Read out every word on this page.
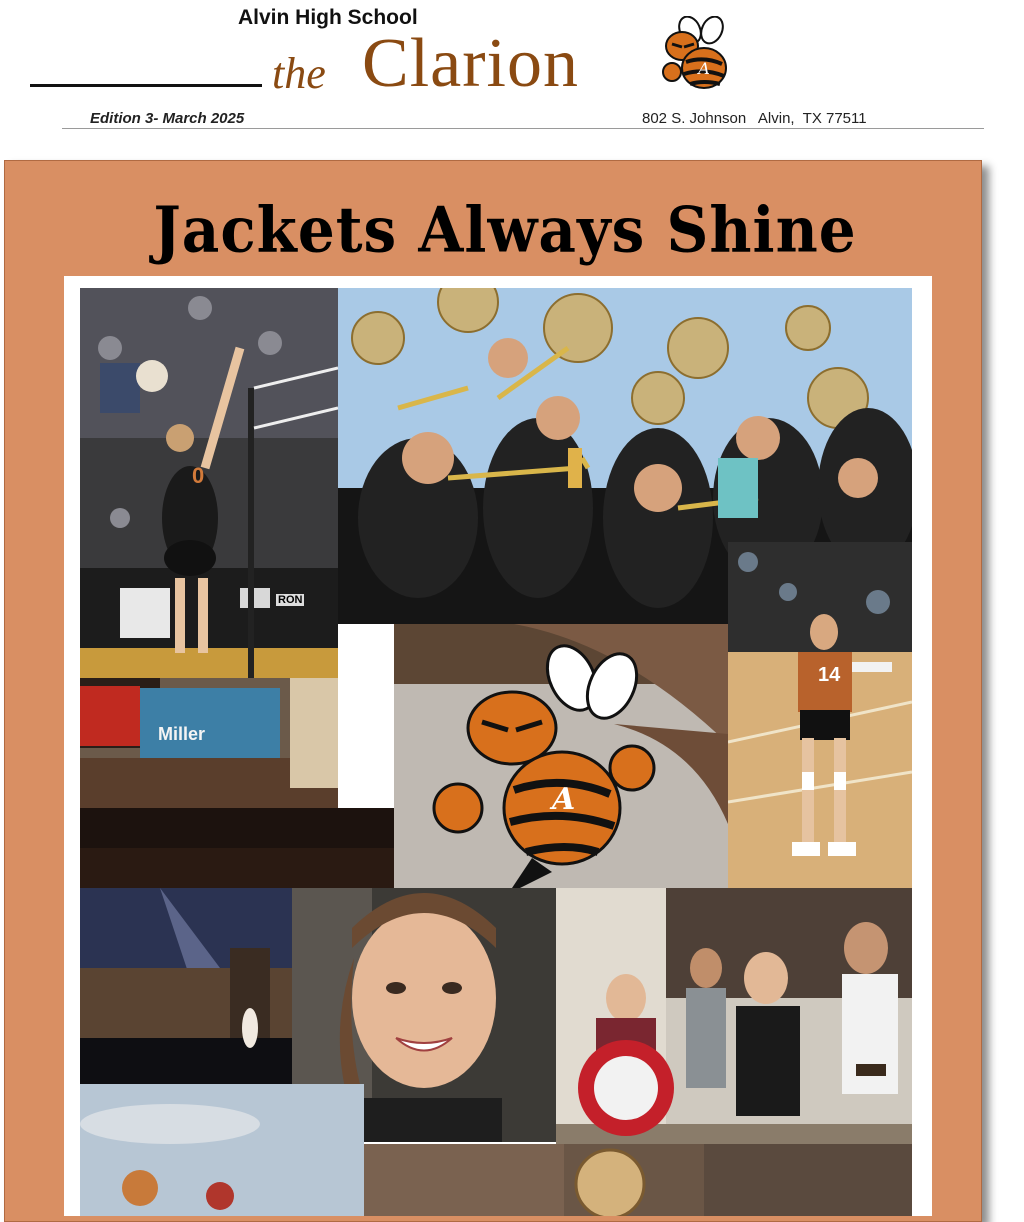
Alvin High School
the Clarion	A
Edition 3- March 2025	802 S. Johnson   Alvin,  TX 77511
Jackets Always Shine
0
RON
14
Miller
A
